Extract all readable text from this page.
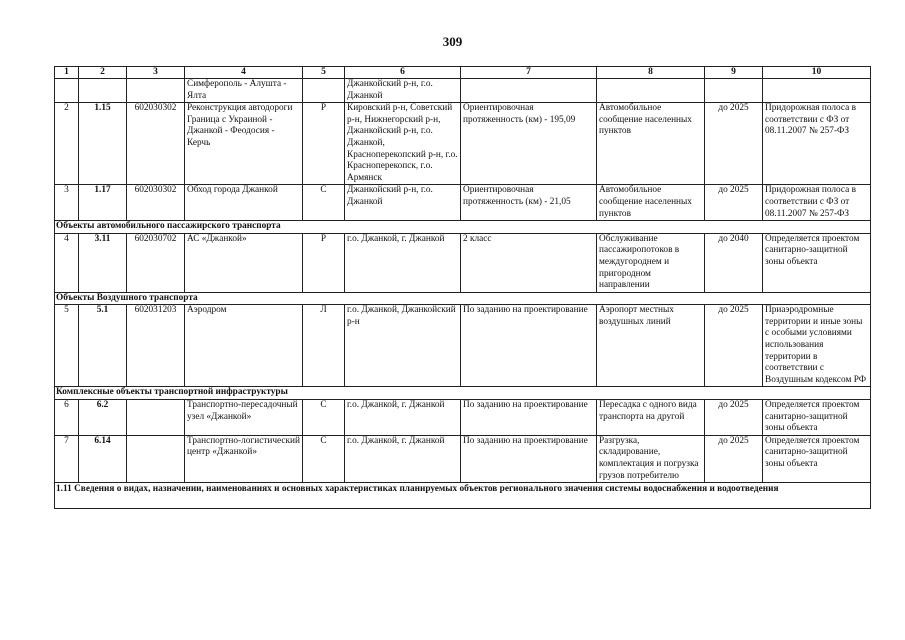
309
1	2	3	4	5	6	7	8	9	10
			Симферополь - Алушта - Ялта		Джанкойский р-н, г.о. Джанкой				
2	1.15	602030302	Реконструкция автодороги Граница с Украиной - Джанкой - Феодосия - Керчь	Р	Кировский р-н, Советский р-н, Нижнегорский р-н, Джанкойский р-н, г.о. Джанкой, Красноперекопский р-н, г.о. Красноперекопск, г.о. Армянск	Ориентировочная протяженность (км) - 195,09	Автомобильное сообщение населенных пунктов	до 2025	Придорожная полоса в соответствии с ФЗ от 08.11.2007 № 257-ФЗ
3	1.17	602030302	Обход города Джанкой	С	Джанкойский р-н, г.о. Джанкой	Ориентировочная протяженность (км) - 21,05	Автомобильное сообщение населенных пунктов	до 2025	Придорожная полоса в соответствии с ФЗ от 08.11.2007 № 257-ФЗ
Объекты автомобильного пассажирского транспорта									
4	3.11	602030702	АС «Джанкой»	Р	г.о. Джанкой, г. Джанкой	2 класс	Обслуживание пассажиропотоков в междугороднем и пригородном направлении	до 2040	Определяется проектом санитарно-защитной зоны объекта
Объекты Воздушного транспорта									
5	5.1	602031203	Аэродром	Л	г.о. Джанкой, Джанкойский р-н	По заданию на проектирование	Аэропорт местных воздушных линий	до 2025	Приаэродромные территории и иные зоны с особыми условиями использования территории в соответствии с Воздушным кодексом РФ
Комплексные объекты транспортной инфраструктуры									
6	6.2		Транспортно-пересадочный узел «Джанкой»	С	г.о. Джанкой, г. Джанкой	По заданию на проектирование	Пересадка с одного вида транспорта на другой	до 2025	Определяется проектом санитарно-защитной зоны объекта
7	6.14		Транспортно-логистический центр «Джанкой»	С	г.о. Джанкой, г. Джанкой	По заданию на проектирование	Разгрузка, складирование, комплектация и погрузка грузов потребителю	до 2025	Определяется проектом санитарно-защитной зоны объекта
1.11 Сведения о видах, назначении, наименованиях и основных характеристиках планируемых объектов регионального значения системы водоснабжения и водоотведения									
